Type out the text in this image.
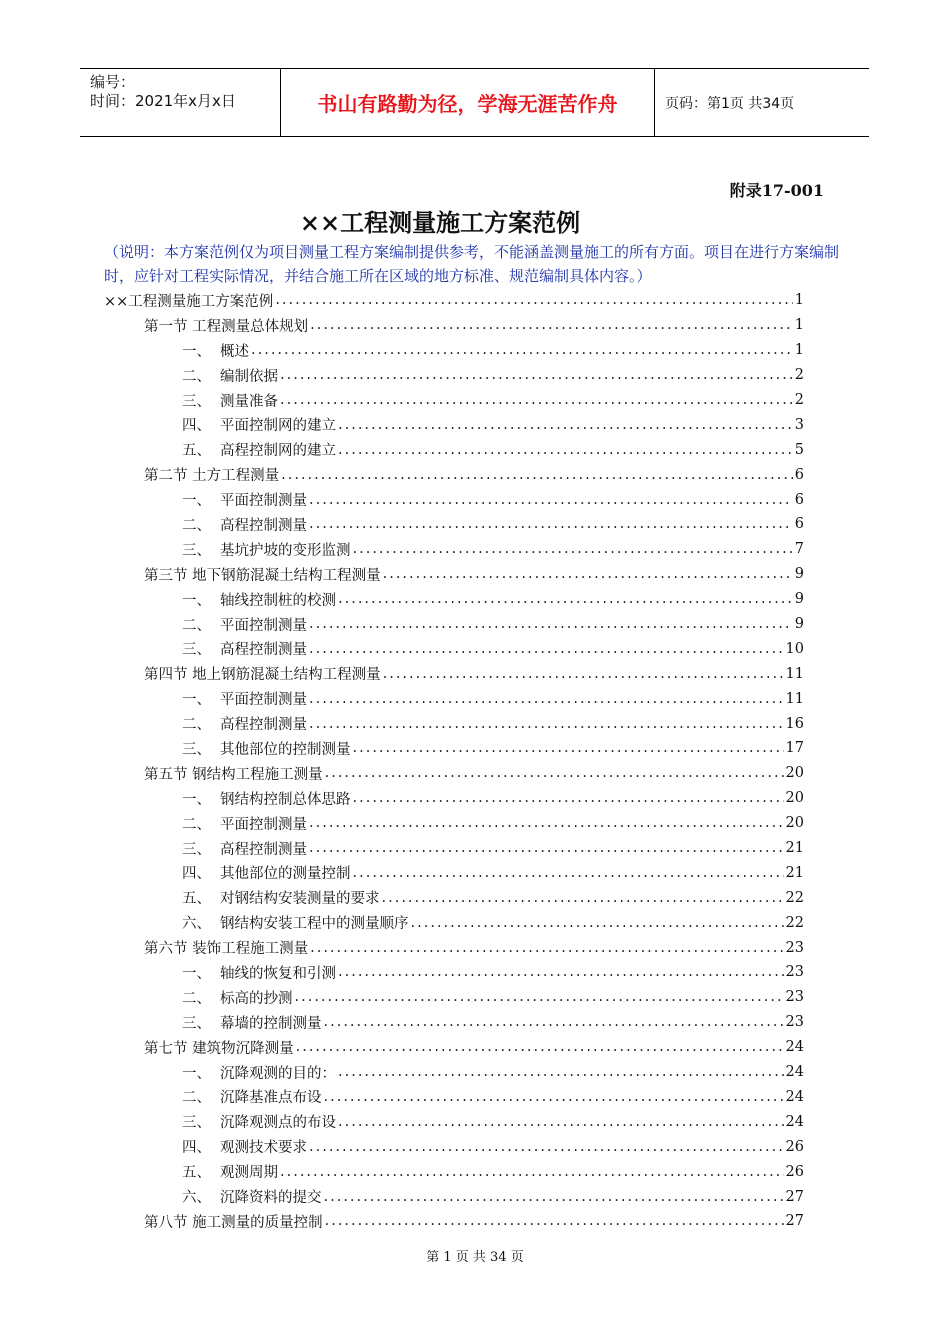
编号：
时间：2021年x月x日	书山有路勤为径，学海无涯苦作舟	页码：第1页 共34页
附录17-001
××工程测量施工方案范例
（说明：本方案范例仅为项目测量工程方案编制提供参考，不能涵盖测量施工的所有方面。项目在进行方案编制时，应针对工程实际情况，并结合施工所在区域的地方标准、规范编制具体内容。）
××工程测量施工方案范例 .....	1
第一节 工程测量总体规划 .....	1
一、 概述 .....	1
二、 编制依据 .....	2
三、 测量准备 .....	2
四、 平面控制网的建立 .....	3
五、 高程控制网的建立 .....	5
第二节 土方工程测量 .....	6
一、 平面控制测量 .....	6
二、 高程控制测量 .....	6
三、 基坑护坡的变形监测 .....	7
第三节 地下钢筋混凝土结构工程测量 .....	9
一、 轴线控制桩的校测 .....	9
二、 平面控制测量 .....	9
三、 高程控制测量 .....	10
第四节 地上钢筋混凝土结构工程测量 .....	11
一、 平面控制测量 .....	11
二、 高程控制测量 .....	16
三、 其他部位的控制测量 .....	17
第五节 钢结构工程施工测量 .....	20
一、 钢结构控制总体思路 .....	20
二、 平面控制测量 .....	20
三、 高程控制测量 .....	21
四、 其他部位的测量控制 .....	21
五、 对钢结构安装测量的要求 .....	22
六、 钢结构安装工程中的测量顺序 .....	22
第六节 装饰工程施工测量 .....	23
一、 轴线的恢复和引测 .....	23
二、 标高的抄测 .....	23
三、 幕墙的控制测量 .....	23
第七节 建筑物沉降测量 .....	24
一、 沉降观测的目的： .....	24
二、 沉降基准点布设 .....	24
三、 沉降观测点的布设 .....	24
四、 观测技术要求 .....	26
五、 观测周期 .....	26
六、 沉降资料的提交 .....	27
第八节 施工测量的质量控制 .....	27
第 1 页 共 34 页
